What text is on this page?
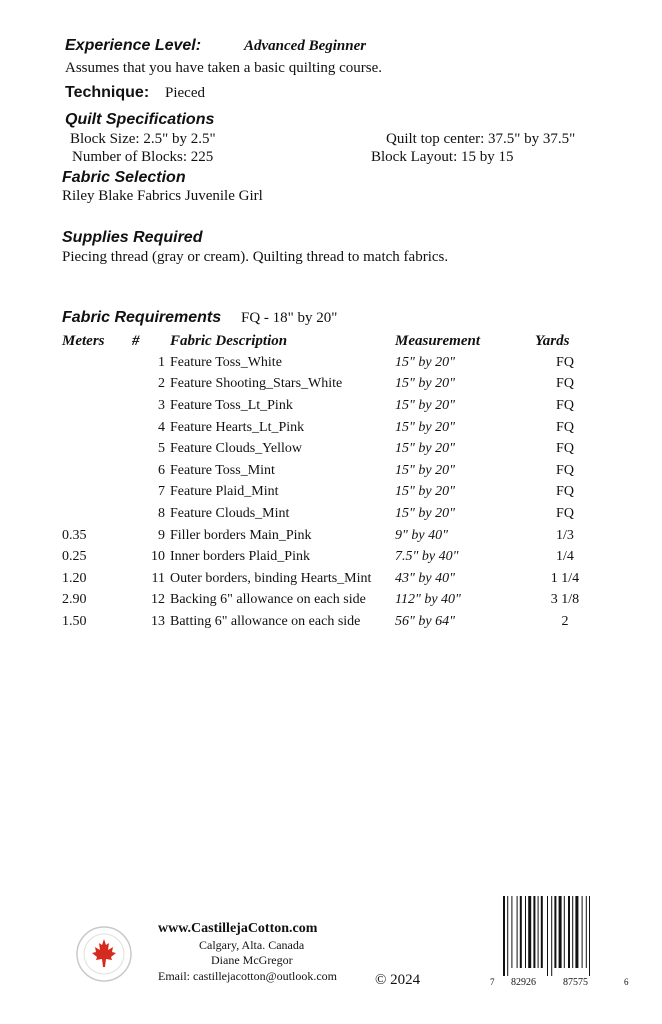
Experience Level:	Advanced Beginner
Assumes that you have taken a basic quilting course.
Technique: Pieced
Quilt Specifications
Block Size: 2.5" by 2.5"
Number of Blocks: 225
Quilt top center: 37.5" by 37.5"
Block Layout: 15 by 15
Fabric Selection
Riley Blake Fabrics Juvenile Girl
Supplies Required
Piecing thread (gray or cream). Quilting thread to match fabrics.
Fabric Requirements FQ - 18" by 20"
Meters	#	Fabric Description	Measurement	Yards
	1	Feature Toss_White	15" by 20"	FQ
	2	Feature Shooting_Stars_White	15" by 20"	FQ
	3	Feature Toss_Lt_Pink	15" by 20"	FQ
	4	Feature Hearts_Lt_Pink	15" by 20"	FQ
	5	Feature Clouds_Yellow	15" by 20"	FQ
	6	Feature Toss_Mint	15" by 20"	FQ
	7	Feature Plaid_Mint	15" by 20"	FQ
	8	Feature Clouds_Mint	15" by 20"	FQ
0.35	9	Filler borders Main_Pink	9" by 40"	1/3
0.25	10	Inner borders Plaid_Pink	7.5" by 40"	1/4
1.20	11	Outer borders, binding Hearts_Mint	43" by 40"	1 1/4
2.90	12	Backing 6" allowance on each side	112" by 40"	3 1/8
1.50	13	Batting 6" allowance on each side	56" by 64"	2
www.CastillejaCotton.com
Calgary, Alta. Canada
Diane McGregor
Email: castillejacotton@outlook.com	© 2024	7 82926	87575	6
